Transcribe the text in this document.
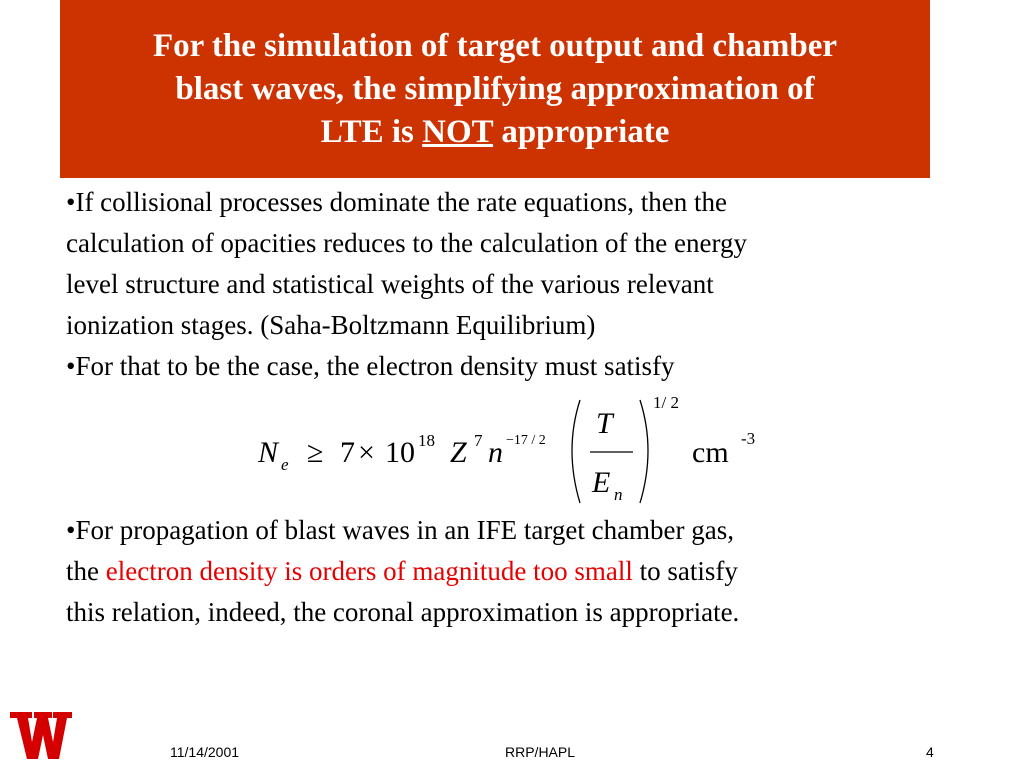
For the simulation of target output and chamber
blast waves, the simplifying approximation of
LTE is NOT appropriate
•If collisional processes dominate the rate equations, then the
calculation of opacities reduces to the calculation of the energy
level structure and statistical weights of the various relevant
ionization stages. (Saha-Boltzmann Equilibrium)
•For that to be the case, the electron density must satisfy
N e ≥ 7 × 10 18 Z 7 n −17 / 2
T
E n
1/ 2
cm -3
•For propagation of blast waves in an IFE target chamber gas,
the electron density is orders of magnitude too small to satisfy
this relation, indeed, the coronal approximation is appropriate.
11/14/2001	RRP/HAPL	4
